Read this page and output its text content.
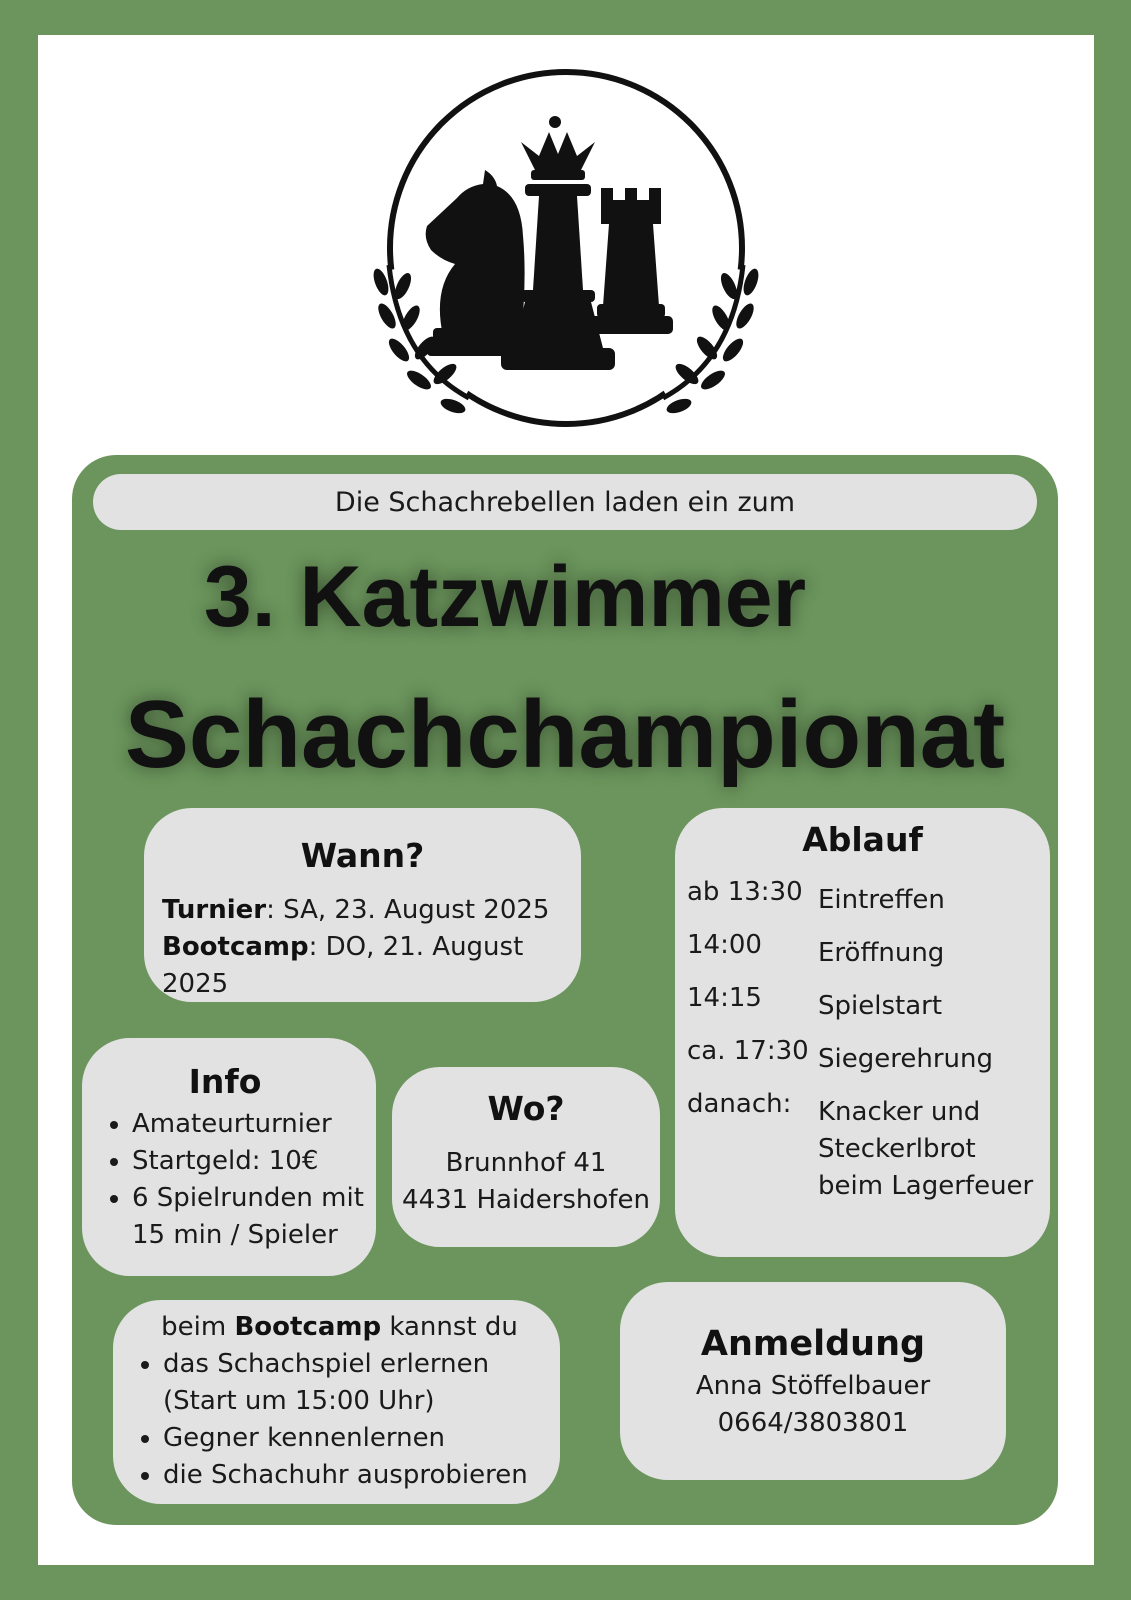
Die Schachrebellen laden ein zum
3. Katzwimmer
Schachchampionat
Wann?
Turnier: SA, 23. August 2025
Bootcamp: DO, 21. August 2025
Ablauf
ab 13:30 Eintreffen
14:00	Eröffnung
14:15	Spielstart
ca. 17:30 Siegerehrung
danach:	Knacker und Steckerlbrot beim Lagerfeuer
Info
• Amateurturnier
• Startgeld: 10€
• 6 Spielrunden mit 15 min / Spieler
Wo?
Brunnhof 41
4431 Haidershofen
beim Bootcamp kannst du
• das Schachspiel erlernen (Start um 15:00 Uhr)
• Gegner kennenlernen
• die Schachuhr ausprobieren
Anmeldung
Anna Stöffelbauer
0664/3803801
